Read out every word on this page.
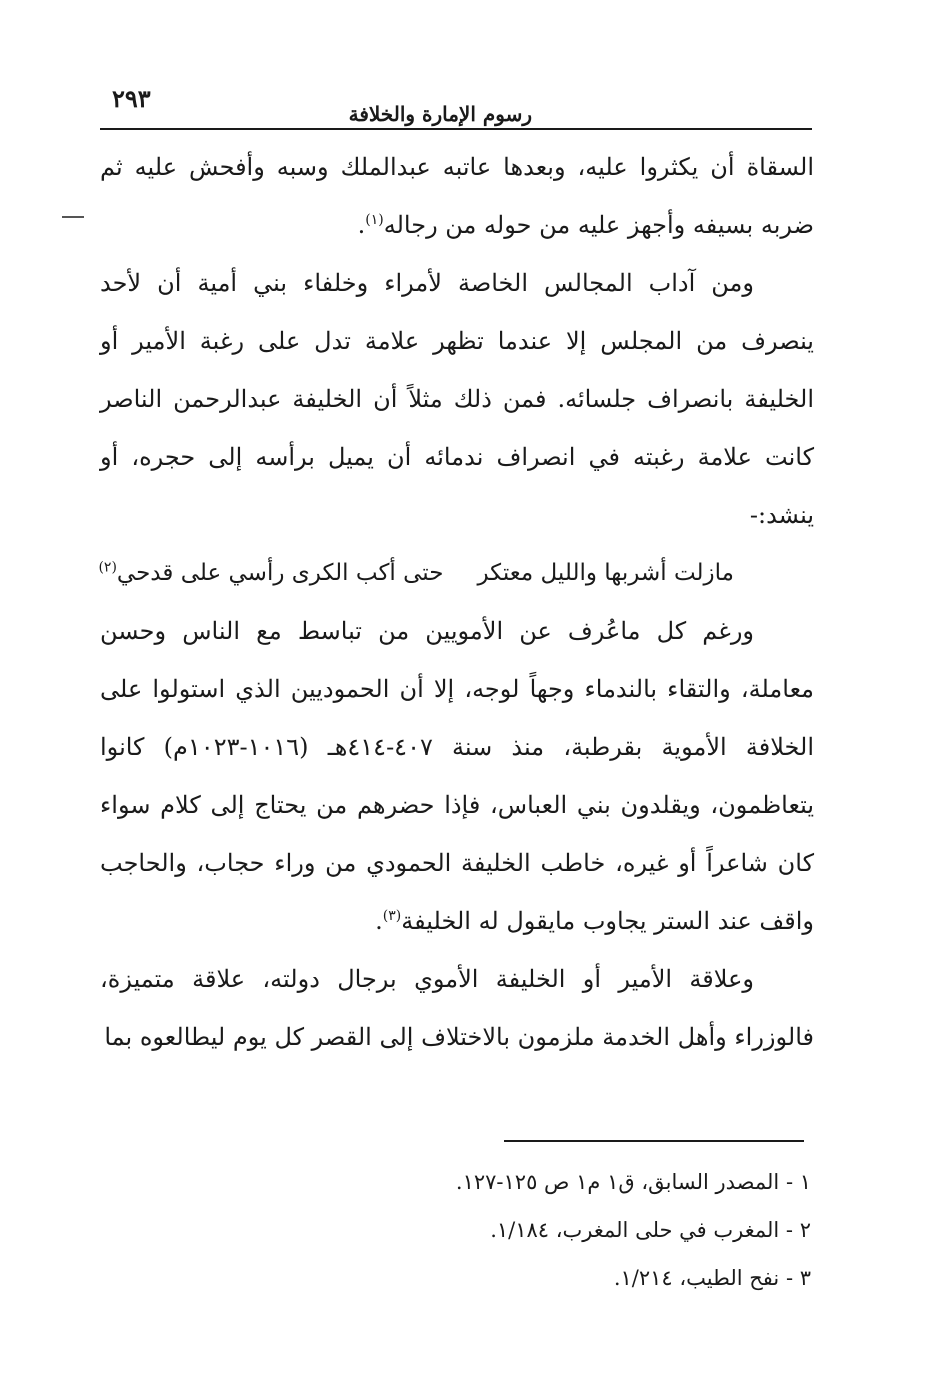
٢٩٣
رسوم الإمارة والخلافة

السقاة أن يكثروا عليه، وبعدها عاتبه عبدالملك وسبه وأفحش عليه ثم ضربه بسيفه وأجهز عليه من حوله من رجاله$^{(١)}$.

ومن آداب المجالس الخاصة لأمراء وخلفاء بني أمية أن لأحد ينصرف من المجلس إلا عندما تظهر علامة تدل على رغبة الأمير أو الخليفة بانصراف جلسائه. فمن ذلك مثلاً أن الخليفة عبدالرحمن الناصر كانت علامة رغبته في انصراف ندمائه أن يميل برأسه إلى حجره، أو ينشد:-

مازلت أشربها والليل معتكرحتى أكب الكرى رأسي على قدحي$^{(٢)}$

ورغم كل ماعُرف عن الأمويين من تباسط مع الناس وحسن معاملة، والتقاء بالندماء وجهاً لوجه، إلا أن الحموديين الذي استولوا على الخلافة الأموية بقرطبة، منذ سنة ٤٠٧-٤١٤هـ (١٠١٦-١٠٢٣م) كانوا يتعاظمون، ويقلدون بني العباس، فإذا حضرهم من يحتاج إلى كلام سواء كان شاعراً أو غيره، خاطب الخليفة الحمودي من وراء حجاب، والحاجب واقف عند الستر يجاوب مايقول له الخليفة$^{(٣)}$.

وعلاقة الأمير أو الخليفة الأموي برجال دولته، علاقة متميزة، فالوزراء وأهل الخدمة ملزمون بالاختلاف إلى القصر كل يوم ليطالعوه بما

١ - المصدر السابق، ق١ م١ ص ١٢٥-١٢٧.
٢ - المغرب في حلى المغرب، ١/١٨٤.
٣ - نفح الطيب، ١/٢١٤.
